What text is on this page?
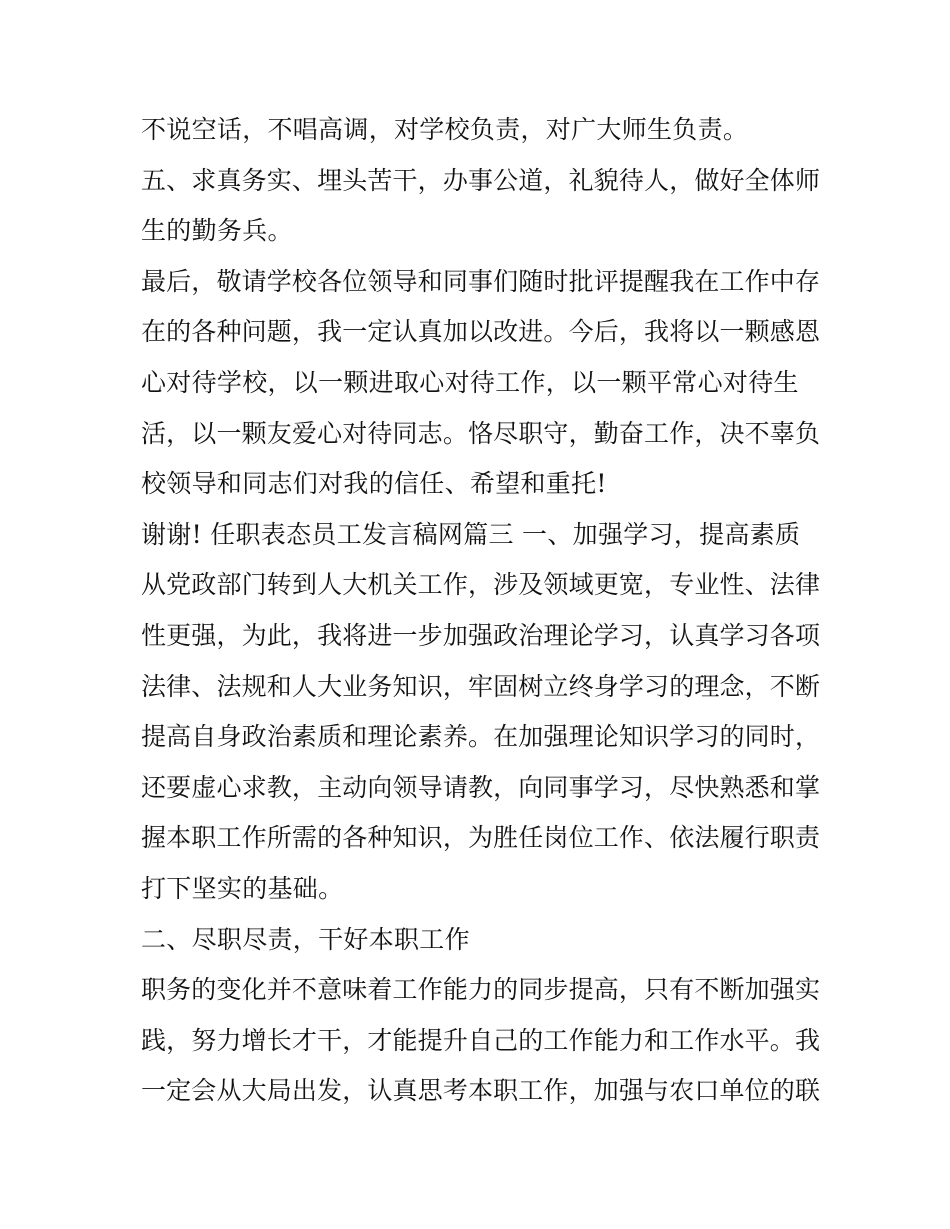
不说空话，不唱高调，对学校负责，对广大师生负责。
五、求真务实、埋头苦干，办事公道，礼貌待人，做好全体师
生的勤务兵。
最后，敬请学校各位领导和同事们随时批评提醒我在工作中存
在的各种问题，我一定认真加以改进。今后，我将以一颗感恩
心对待学校，以一颗进取心对待工作，以一颗平常心对待生
活，以一颗友爱心对待同志。恪尽职守，勤奋工作，决不辜负
校领导和同志们对我的信任、希望和重托!
谢谢! 任职表态员工发言稿网篇三 一、加强学习，提高素质
从党政部门转到人大机关工作，涉及领域更宽，专业性、法律
性更强，为此，我将进一步加强政治理论学习，认真学习各项
法律、法规和人大业务知识，牢固树立终身学习的理念，不断
提高自身政治素质和理论素养。在加强理论知识学习的同时，
还要虚心求教，主动向领导请教，向同事学习，尽快熟悉和掌
握本职工作所需的各种知识，为胜任岗位工作、依法履行职责
打下坚实的基础。
二、尽职尽责，干好本职工作
职务的变化并不意味着工作能力的同步提高，只有不断加强实
践，努力增长才干，才能提升自己的工作能力和工作水平。我
一定会从大局出发，认真思考本职工作，加强与农口单位的联
